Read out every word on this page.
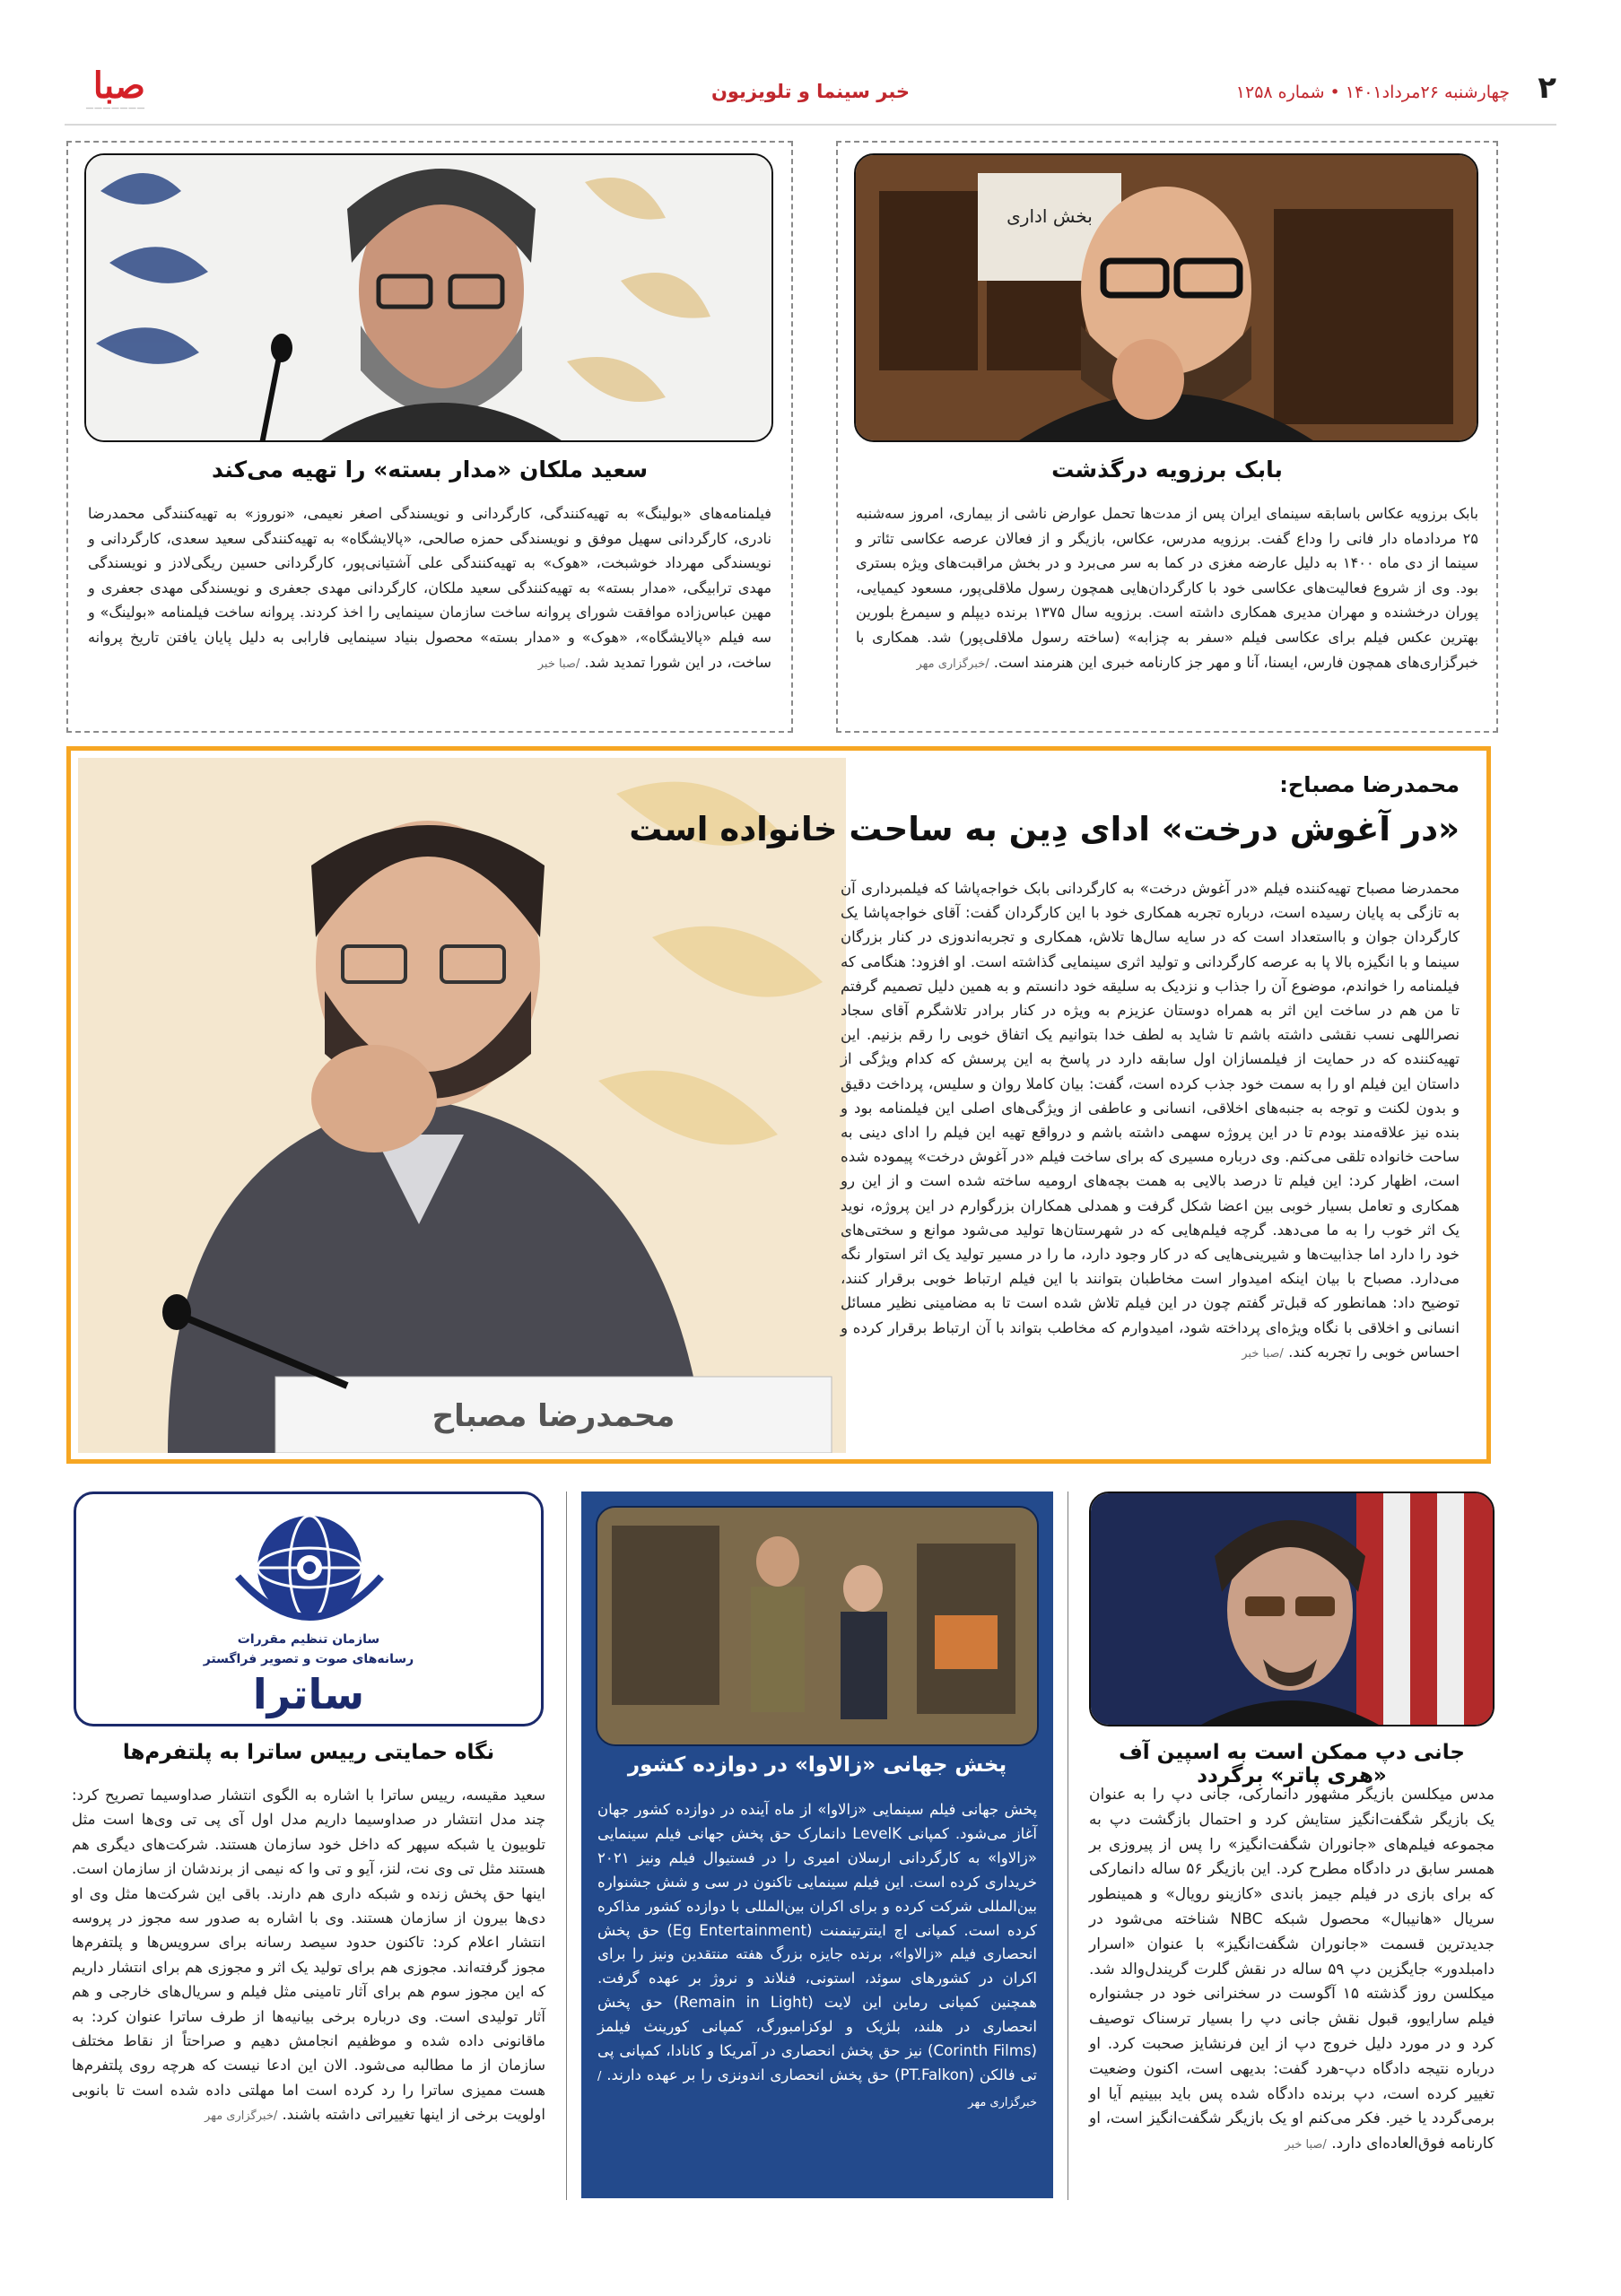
۲
چهارشنبه ۲۶مرداد۱۴۰۱ • شماره ۱۲۵۸
خبر سینما و تلویزیون
صبا
———————
بخش اداری
بابک برزویه درگذشت
بابک برزویه عکاس باسابقه سینمای ایران پس از مدت‌ها تحمل عوارض ناشی از بیماری، امروز سه‌شنبه ۲۵ مردادماه دار فانی را وداع گفت. برزویه مدرس، عکاس، بازیگر و از فعالان عرصه عکاسی تئاتر و سینما از دی ماه ۱۴۰۰ به دلیل عارضه مغزی در کما به سر می‌برد و در بخش مراقبت‌های ویژه بستری بود. وی از شروع فعالیت‌های عکاسی خود با کارگردان‌هایی همچون رسول ملاقلی‌پور، مسعود کیمیایی، پوران درخشنده و مهران مدیری همکاری داشته است. برزویه سال ۱۳۷۵ برنده دیپلم و سیمرغ بلورین بهترین عکس فیلم برای عکاسی فیلم «سفر به چزابه» (ساخته رسول ملاقلی‌پور) شد. همکاری با خبرگزاری‌های همچون فارس، ایسنا، آنا و مهر جز کارنامه خبری این هنرمند است. /خبرگزاری مهر
سعید ملکان «مدار بسته» را تهیه می‌کند
فیلمنامه‌های «بولینگ» به تهیه‌کنندگی، کارگردانی و نویسندگی اصغر نعیمی، «نوروز» به تهیه‌کنندگی محمدرضا نادری، کارگردانی سهیل موفق و نویسندگی حمزه صالحی، «پالایشگاه» به تهیه‌کنندگی سعید سعدی، کارگردانی و نویسندگی مهرداد خوشبخت، «هوک» به تهیه‌کنندگی علی آشتیانی‌پور، کارگردانی حسین ریگی‌لادز و نویسندگی مهدی ترابیگی، «مدار بسته» به تهیه‌کنندگی سعید ملکان، کارگردانی مهدی جعفری و نویسندگی مهدی جعفری و مهین عباس‌زاده موافقت شورای پروانه ساخت سازمان سینمایی را اخذ کردند. پروانه ساخت فیلمنامه «بولینگ» و سه فیلم «پالایشگاه»، «هوک» و «مدار بسته» محصول بنیاد سینمایی فارابی به دلیل پایان یافتن تاریخ پروانه ساخت، در این شورا تمدید شد. /صبا خبر
محمدرضا مصباح
محمدرضا مصباح:
«در آغوش درخت» ادای دِین به ساحت خانواده است
محمدرضا مصباح تهیه‌کننده فیلم «در آغوش درخت» به کارگردانی بابک خواجه‌پاشا که فیلمبرداری آن به تازگی به پایان رسیده است، درباره تجربه همکاری خود با این کارگردان گفت: آقای خواجه‌پاشا یک کارگردان جوان و بااستعداد است که در سایه سال‌ها تلاش، همکاری و تجربه‌اندوزی در کنار بزرگان سینما و با انگیزه بالا پا به عرصه کارگردانی و تولید اثری سینمایی گذاشته است. او افزود: هنگامی که فیلمنامه را خواندم، موضوع آن را جذاب و نزدیک به سلیقه خود دانستم و به همین دلیل تصمیم گرفتم تا من هم در ساخت این اثر به همراه دوستان عزیزم به ویژه در کنار برادر تلاشگرم آقای سجاد نصراللهی نسب نقشی داشته باشم تا شاید به لطف خدا بتوانیم یک اتفاق خوبی را رقم بزنیم. این تهیه‌کننده که در حمایت از فیلمسازان اول سابقه دارد در پاسخ به این پرسش که کدام ویژگی از داستان این فیلم او را به سمت خود جذب کرده است، گفت: بیان کاملا روان و سلیس، پرداخت دقیق و بدون لکنت و توجه به جنبه‌های اخلاقی، انسانی و عاطفی از ویژگی‌های اصلی این فیلمنامه بود و بنده نیز علاقه‌مند بودم تا در این پروژه سهمی داشته باشم و درواقع تهیه این فیلم را ادای دینی به ساحت خانواده تلقی می‌کنم. وی درباره مسیری که برای ساخت فیلم «در آغوش درخت» پیموده شده است، اظهار کرد: این فیلم تا درصد بالایی به همت بچه‌های ارومیه ساخته شده است و از این رو همکاری و تعامل بسیار خوبی بین اعضا شکل گرفت و همدلی همکاران بزرگوارم در این پروژه، نوید یک اثر خوب را به ما می‌دهد. گرچه فیلم‌هایی که در شهرستان‌ها تولید می‌شود موانع و سختی‌های خود را دارد اما جذابیت‌ها و شیرینی‌هایی که در کار وجود دارد، ما را در مسیر تولید یک اثر استوار نگه می‌دارد. مصباح با بیان اینکه امیدوار است مخاطبان بتوانند با این فیلم ارتباط خوبی برقرار کنند، توضیح داد: همانطور که قبل‌تر گفتم چون در این فیلم تلاش شده است تا به مضامینی نظیر مسائل انسانی و اخلاقی با نگاه ویژه‌ای پرداخته شود، امیدوارم که مخاطب بتواند با آن ارتباط برقرار کرده و احساس خوبی را تجربه کند. /صبا خبر
جانی دپ ممکن است به اسپین آف «هری پاتر» برگردد
مدس میکلسن بازیگر مشهور دانمارکی، جانی دپ را به عنوان یک بازیگر شگفت‌انگیز ستایش کرد و احتمال بازگشت دپ به مجموعه فیلم‌های «جانوران شگفت‌انگیز» را پس از پیروزی بر همسر سابق در دادگاه مطرح کرد. این بازیگر ۵۶ ساله دانمارکی که برای بازی در فیلم جیمز باندی «کازینو رویال» و همینطور سریال «هانیبال» محصول شبکه NBC شناخته می‌شود در جدیدترین قسمت «جانوران شگفت‌انگیز» با عنوان «اسرار دامبلدور» جایگزین دپ ۵۹ ساله در نقش گلرت گریندل‌والد شد. میکلسن روز گذشته ۱۵ آگوست در سخنرانی خود در جشنواره فیلم سارایوو، قبول نقش جانی دپ را بسیار ترسناک توصیف کرد و در مورد دلیل خروج دپ از این فرنشایز صحبت کرد. او درباره نتیجه دادگاه دپ-هرد گفت: بدیهی است، اکنون وضعیت تغییر کرده است، دپ برنده دادگاه شده پس باید ببینیم آیا او برمی‌گردد یا خیر. فکر می‌کنم او یک بازیگر شگفت‌انگیز است، او کارنامه فوق‌العاده‌ای دارد. /صبا خبر
پخش جهانی «زالاوا» در دوازده کشور
پخش جهانی فیلم سینمایی «زالاوا» از ماه آینده در دوازده کشور جهان آغاز می‌شود. کمپانی LevelK دانمارک حق پخش جهانی فیلم سینمایی «زالاوا» به کارگردانی ارسلان امیری را در فستیوال فیلم ونیز ۲۰۲۱ خریداری کرده است. این فیلم سینمایی تاکنون در سی و شش جشنواره بین‌المللی شرکت کرده و برای اکران بین‌المللی با دوازده کشور مذاکره کرده است. کمپانی اچ اینترتینمنت (Eg Entertainment) حق پخش انحصاری فیلم «زالاوا»، برنده جایزه بزرگ هفته منتقدین ونیز را برای اکران در کشورهای سوئد، استونی، فنلاند و نروژ بر عهده گرفت. همچنین کمپانی رماین این لایت (Remain in Light) حق پخش انحصاری در هلند، بلژیک و لوکزامبورگ، کمپانی کورینث فیلمز (Corinth Films) نیز حق پخش انحصاری در آمریکا و کانادا، کمپانی پی تی فالکن (PT.Falkon) حق پخش انحصاری اندونزی را بر عهده دارند. /خبرگزاری مهر
سازمان تنظیم مقررات
رسانه‌های صوت و تصویر فراگستر
ساترا
نگاه حمایتی رییس ساترا به پلتفرم‌ها
سعید مقیسه، رییس ساترا با اشاره به الگوی انتشار صداوسیما تصریح کرد: چند مدل انتشار در صداوسیما داریم مدل اول آی پی تی وی‌ها است مثل تلوبیون یا شبکه سپهر که داخل خود سازمان هستند. شرکت‌های دیگری هم هستند مثل تی وی نت، لنز، آیو و تی وا که نیمی از برندشان از سازمان است. اینها حق پخش زنده و شبکه داری هم دارند. باقی این شرکت‌ها مثل وی او دی‌ها بیرون از سازمان هستند. وی با اشاره به صدور سه مجوز در پروسه انتشار اعلام کرد: تاکنون حدود سیصد رسانه برای سرویس‌ها و پلتفرم‌ها مجوز گرفته‌اند. مجوزی هم برای تولید یک اثر و مجوزی هم برای انتشار داریم که این مجوز سوم هم برای آثار تامینی مثل فیلم و سریال‌های خارجی و هم آثار تولیدی است. وی درباره برخی بیانیه‌ها از طرف ساترا عنوان کرد: به ماقانونی داده شده و موظفیم انجامش دهیم و صراحتاً از نقاط مختلف سازمان از ما مطالبه می‌شود. الان این ادعا نیست که هرچه روی پلتفرم‌ها هست ممیزی ساترا را رد کرده است اما مهلتی داده شده است تا بانوبی اولویت برخی از اینها تغییراتی داشته باشند. /خبرگزاری مهر
